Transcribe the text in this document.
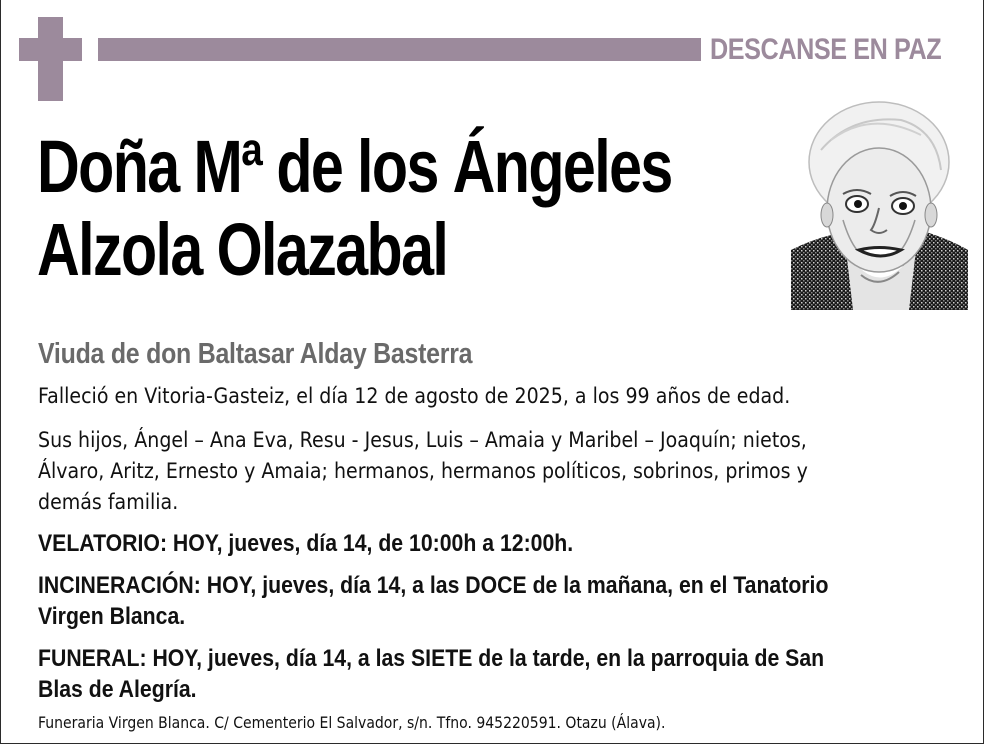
DESCANSE EN PAZ
Doña Mª de los Ángeles
Alzola Olazabal
Viuda de don Baltasar Alday Basterra
Falleció en Vitoria-Gasteiz, el día 12 de agosto de 2025, a los 99 años de edad.
Sus hijos, Ángel – Ana Eva, Resu - Jesus, Luis – Amaia y Maribel – Joaquín; nietos,
Álvaro, Aritz, Ernesto y Amaia; hermanos, hermanos políticos, sobrinos, primos y
demás familia.
VELATORIO: HOY, jueves, día 14, de 10:00h a 12:00h.
INCINERACIÓN: HOY, jueves, día 14, a las DOCE de la mañana, en el Tanatorio
Virgen Blanca.
FUNERAL: HOY, jueves, día 14, a las SIETE de la tarde, en la parroquia de San
Blas de Alegría.
Funeraria Virgen Blanca. C/ Cementerio El Salvador, s/n. Tfno. 945220591. Otazu (Álava).
